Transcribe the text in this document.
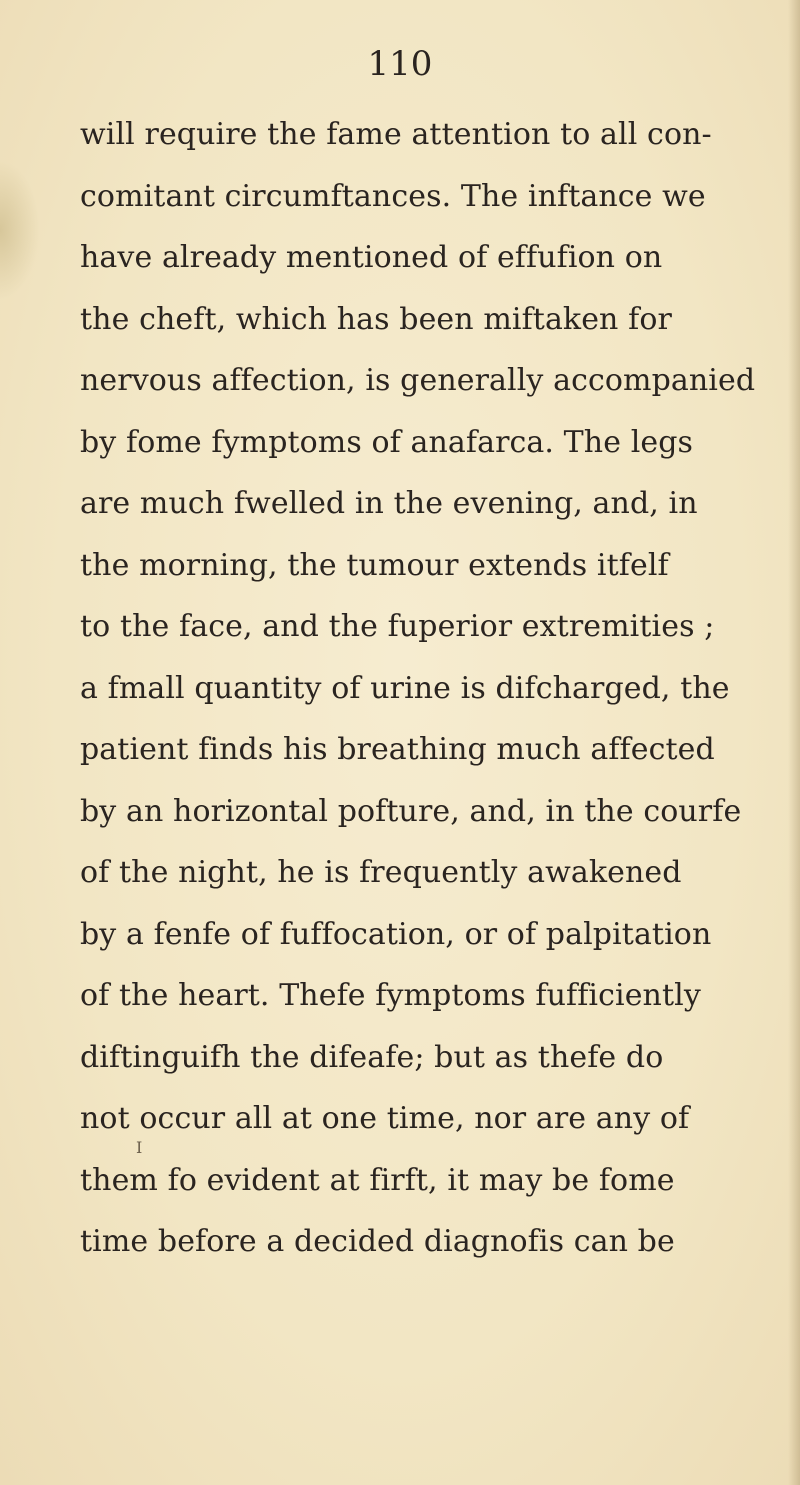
110
will require the fame attention to all con-
comitant circumftances. The inftance we
have already mentioned of effufion on
the cheft, which has been miftaken for
nervous affection, is generally accompanied
by fome fymptoms of anafarca. The legs
are much fwelled in the evening, and, in
the morning, the tumour extends itfelf
to the face, and the fuperior extremities ;
a fmall quantity of urine is difcharged, the
patient finds his breathing much affected
by an horizontal pofture, and, in the courfe
of the night, he is frequently awakened
by a fenfe of fuffocation, or of palpitation
of the heart. Thefe fymptoms fufficiently
diftinguifh the difeafe; but as thefe do
not occur all at one time, nor are any of
them fo evident at firft, it may be fome
time before a decided diagnofis can be
I
